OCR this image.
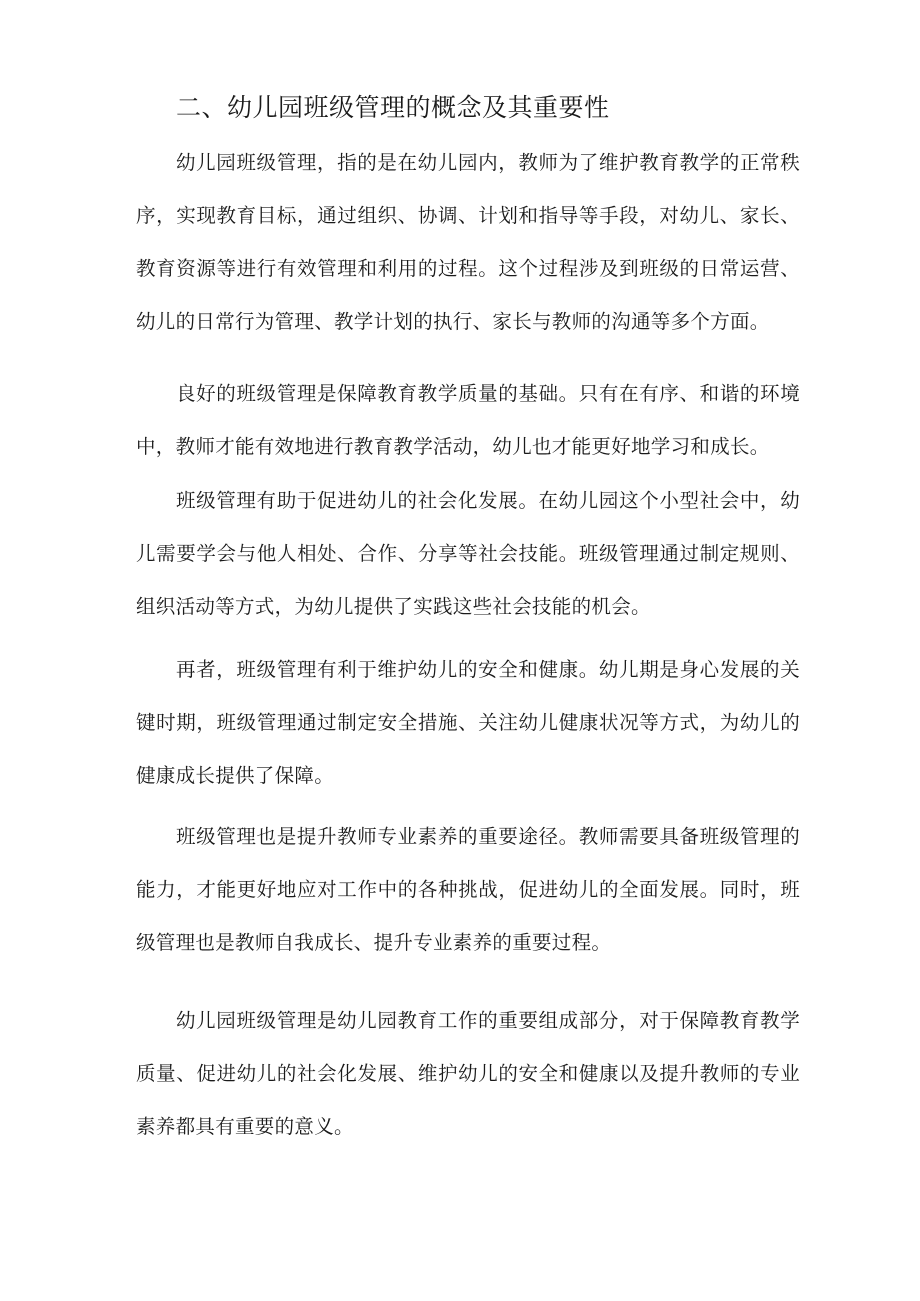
二、幼儿园班级管理的概念及其重要性

幼儿园班级管理，指的是在幼儿园内，教师为了维护教育教学的正常秩序，实现教育目标，通过组织、协调、计划和指导等手段，对幼儿、家长、教育资源等进行有效管理和利用的过程。这个过程涉及到班级的日常运营、幼儿的日常行为管理、教学计划的执行、家长与教师的沟通等多个方面。

良好的班级管理是保障教育教学质量的基础。只有在有序、和谐的环境中，教师才能有效地进行教育教学活动，幼儿也才能更好地学习和成长。

班级管理有助于促进幼儿的社会化发展。在幼儿园这个小型社会中，幼儿需要学会与他人相处、合作、分享等社会技能。班级管理通过制定规则、组织活动等方式，为幼儿提供了实践这些社会技能的机会。

再者，班级管理有利于维护幼儿的安全和健康。幼儿期是身心发展的关键时期，班级管理通过制定安全措施、关注幼儿健康状况等方式，为幼儿的健康成长提供了保障。

班级管理也是提升教师专业素养的重要途径。教师需要具备班级管理的能力，才能更好地应对工作中的各种挑战，促进幼儿的全面发展。同时，班级管理也是教师自我成长、提升专业素养的重要过程。

幼儿园班级管理是幼儿园教育工作的重要组成部分，对于保障教育教学质量、促进幼儿的社会化发展、维护幼儿的安全和健康以及提升教师的专业素养都具有重要的意义。
